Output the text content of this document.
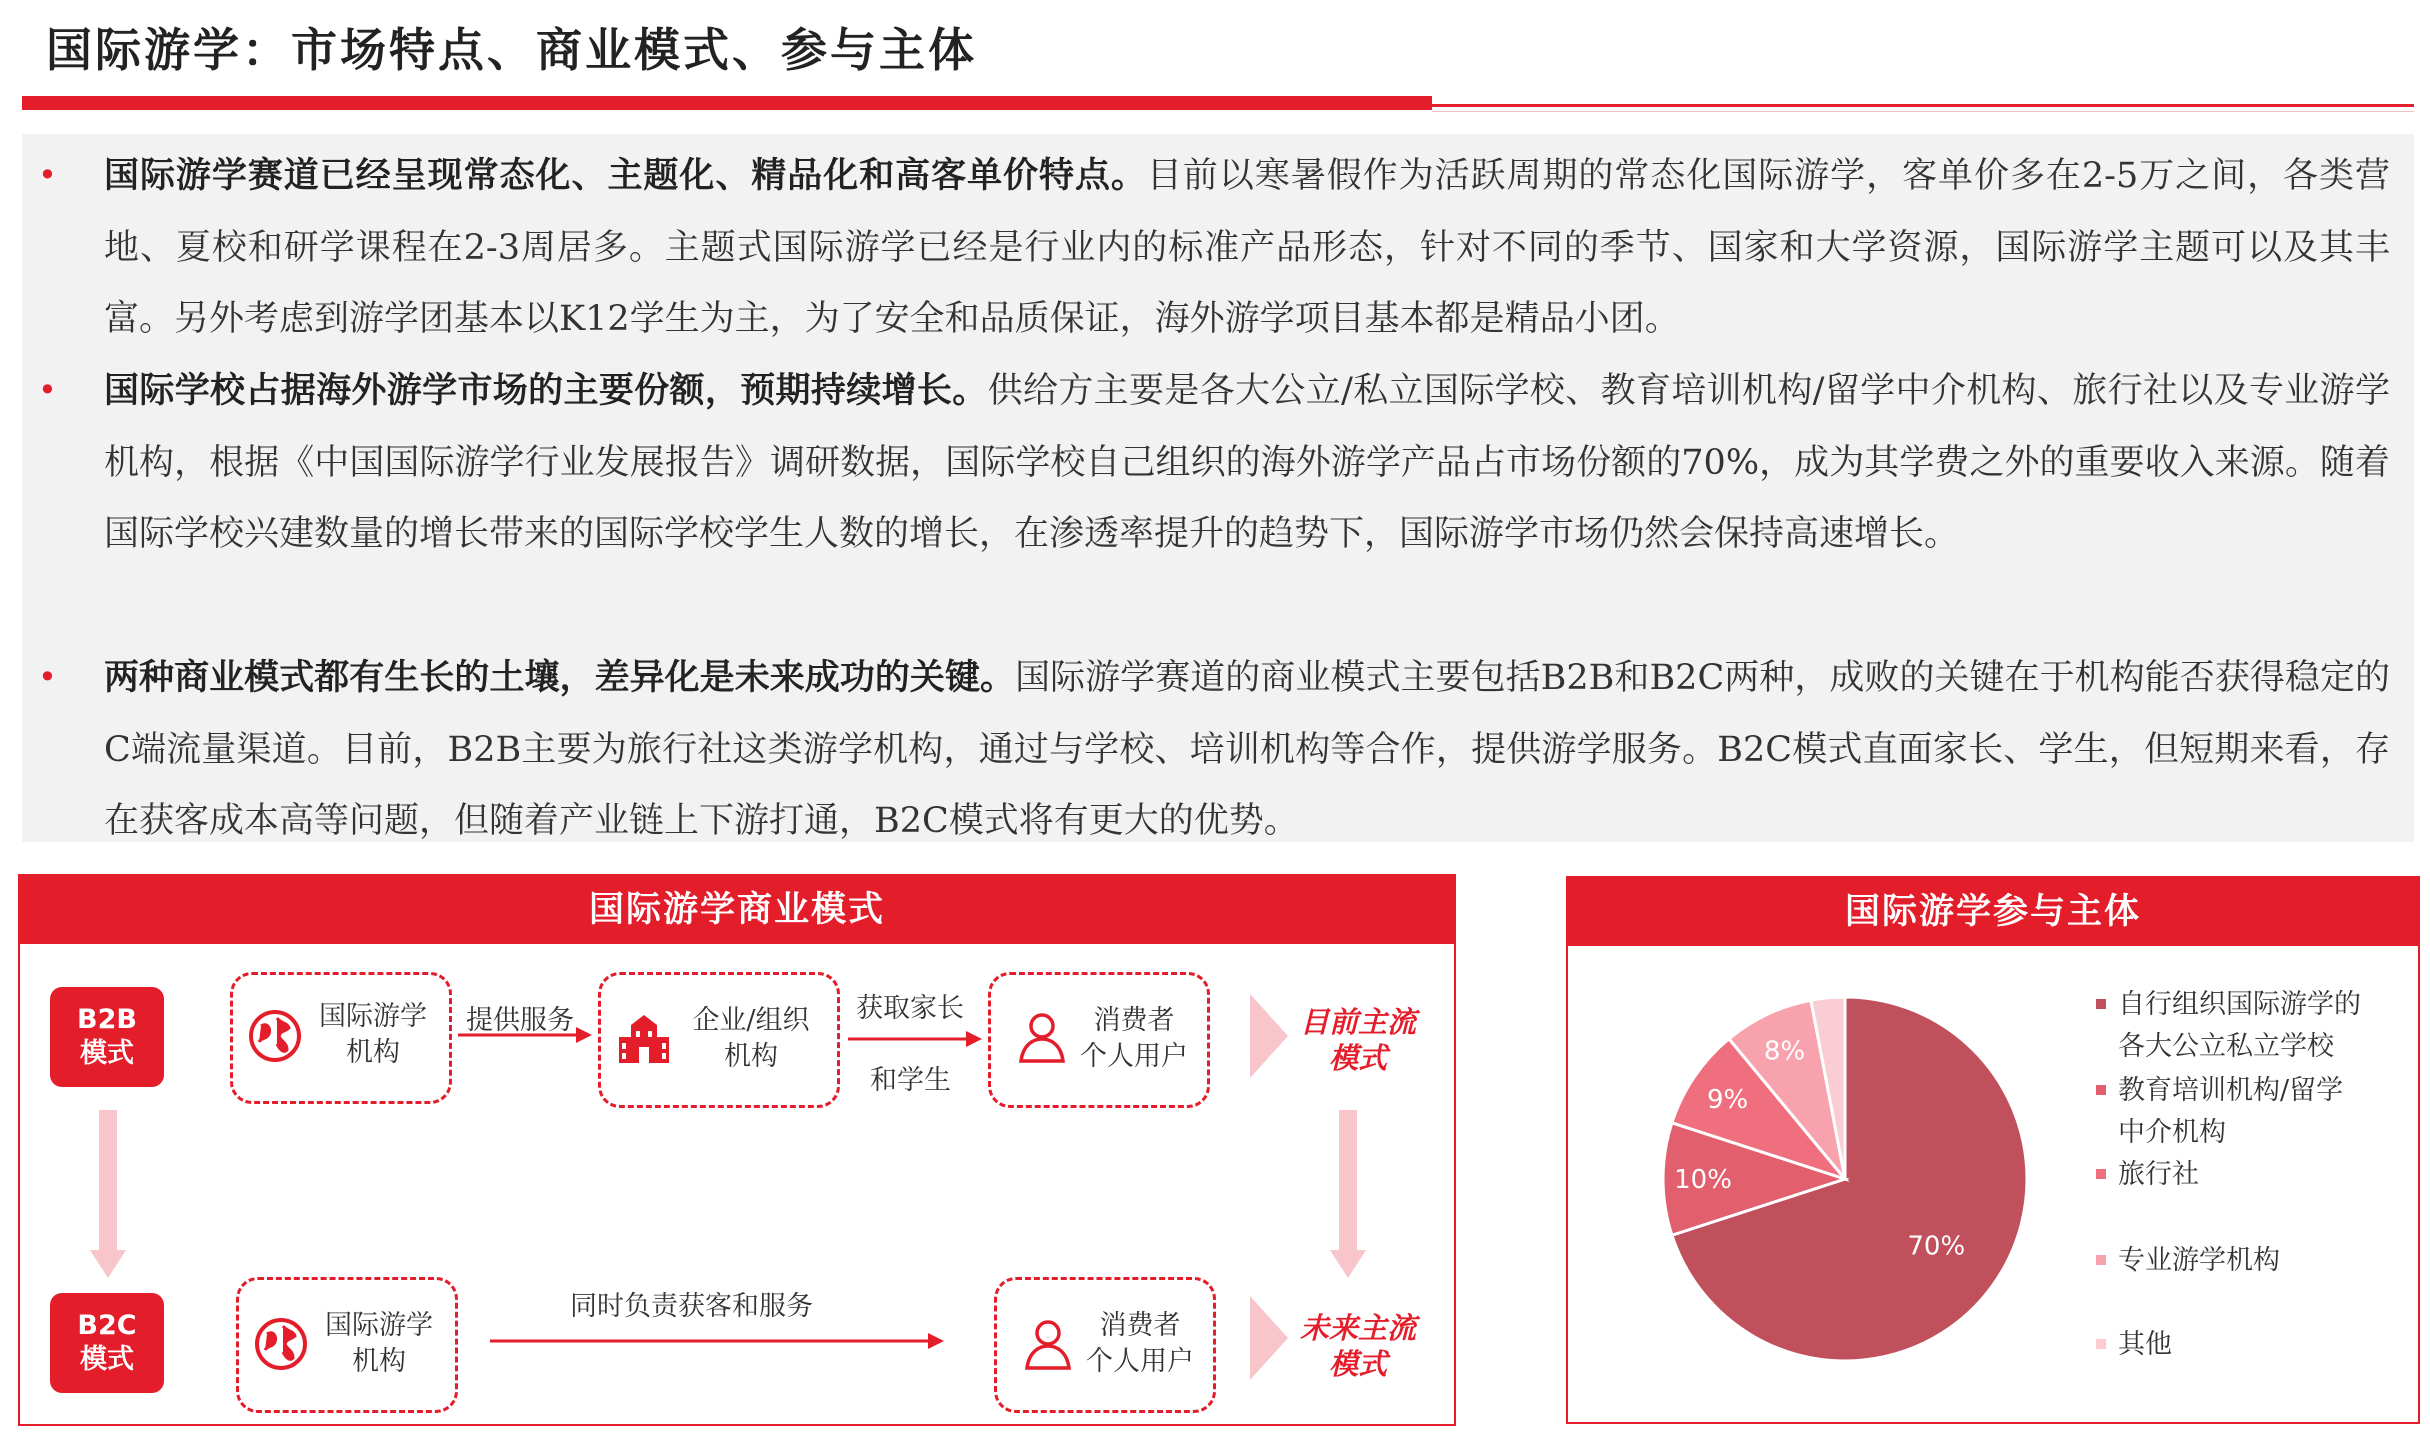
国际游学：市场特点、商业模式、参与主体
• 国际游学赛道已经呈现常态化、主题化、精品化和高客单价特点。目前以寒暑假作为活跃周期的常态化国际游学，客单价多在2-5万之间，各类营地、夏校和研学课程在2-3周居多。主题式国际游学已经是行业内的标准产品形态，针对不同的季节、国家和大学资源，国际游学主题可以及其丰富。另外考虑到游学团基本以K12学生为主，为了安全和品质保证，海外游学项目基本都是精品小团。
• 国际学校占据海外游学市场的主要份额，预期持续增长。供给方主要是各大公立/私立国际学校、教育培训机构/留学中介机构、旅行社以及专业游学机构，根据《中国国际游学行业发展报告》调研数据，国际学校自己组织的海外游学产品占市场份额的70%，成为其学费之外的重要收入来源。随着国际学校兴建数量的增长带来的国际学校学生人数的增长，在渗透率提升的趋势下，国际游学市场仍然会保持高速增长。
• 两种商业模式都有生长的土壤，差异化是未来成功的关键。国际游学赛道的商业模式主要包括B2B和B2C两种，成败的关键在于机构能否获得稳定的C端流量渠道。目前，B2B主要为旅行社这类游学机构，通过与学校、培训机构等合作，提供游学服务。B2C模式直面家长、学生，但短期来看，存在获客成本高等问题，但随着产业链上下游打通，B2C模式将有更大的优势。
国际游学商业模式
B2B
模式
国际游学
机构
提供服务	企业/组织
机构
获取家长
和学生
消费者
个人用户
目前主流
模式
B2C
模式
国际游学
机构
同时负责获客和服务
消费者
个人用户
未来主流
模式
国际游学参与主体
70%
10%
9%
8%
自行组织国际游学的
各大公立私立学校
教育培训机构/留学
中介机构
旅行社
专业游学机构
其他
